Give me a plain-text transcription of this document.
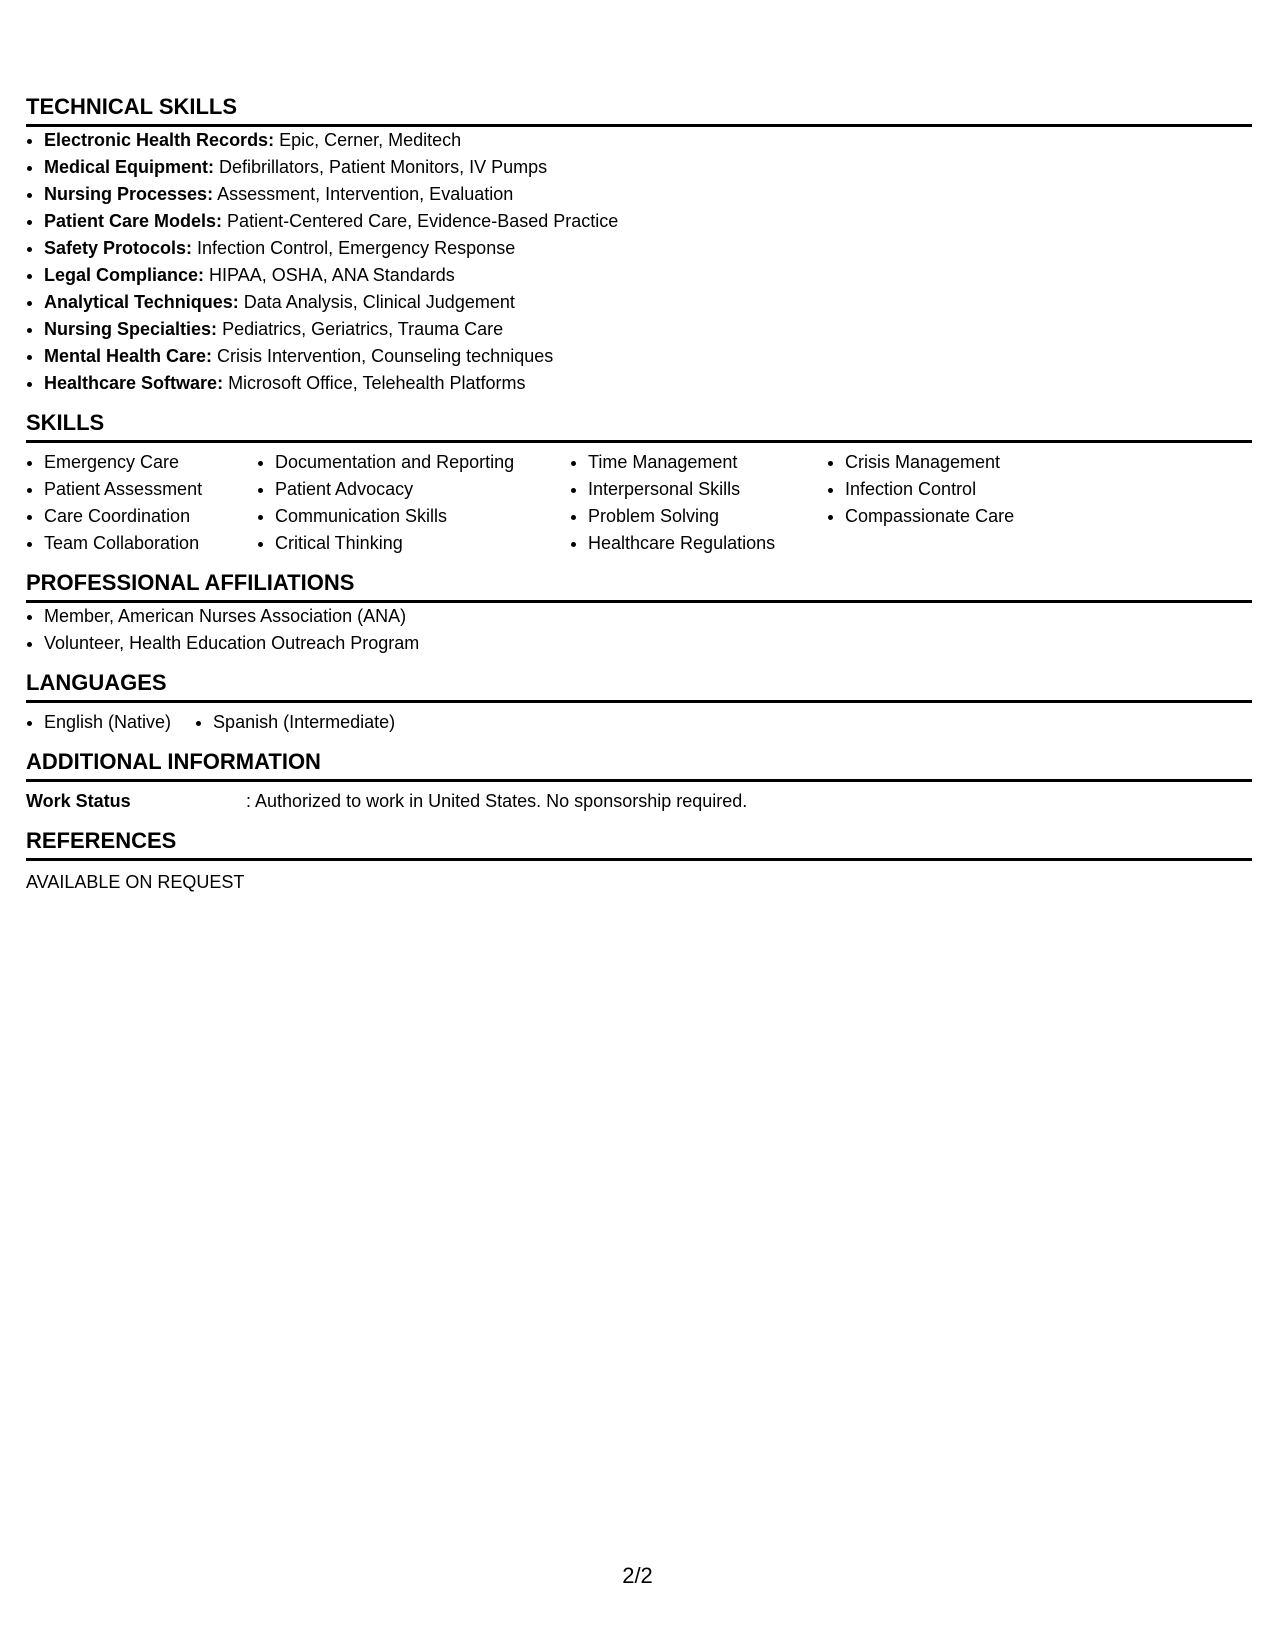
TECHNICAL SKILLS
• Electronic Health Records: Epic, Cerner, Meditech
• Medical Equipment: Defibrillators, Patient Monitors, IV Pumps
• Nursing Processes: Assessment, Intervention, Evaluation
• Patient Care Models: Patient-Centered Care, Evidence-Based Practice
• Safety Protocols: Infection Control, Emergency Response
• Legal Compliance: HIPAA, OSHA, ANA Standards
• Analytical Techniques: Data Analysis, Clinical Judgement
• Nursing Specialties: Pediatrics, Geriatrics, Trauma Care
• Mental Health Care: Crisis Intervention, Counseling techniques
• Healthcare Software: Microsoft Office, Telehealth Platforms
SKILLS
• Emergency Care
• Patient Assessment
• Care Coordination
• Team Collaboration
• Documentation and Reporting
• Patient Advocacy
• Communication Skills
• Critical Thinking
• Time Management
• Interpersonal Skills
• Problem Solving
• Healthcare Regulations
• Crisis Management
• Infection Control
• Compassionate Care
PROFESSIONAL AFFILIATIONS
• Member, American Nurses Association (ANA)
• Volunteer, Health Education Outreach Program
LANGUAGES
• English (Native)
• Spanish (Intermediate)
ADDITIONAL INFORMATION
Work Status	: Authorized to work in United States. No sponsorship required.
REFERENCES
AVAILABLE ON REQUEST
2/2
